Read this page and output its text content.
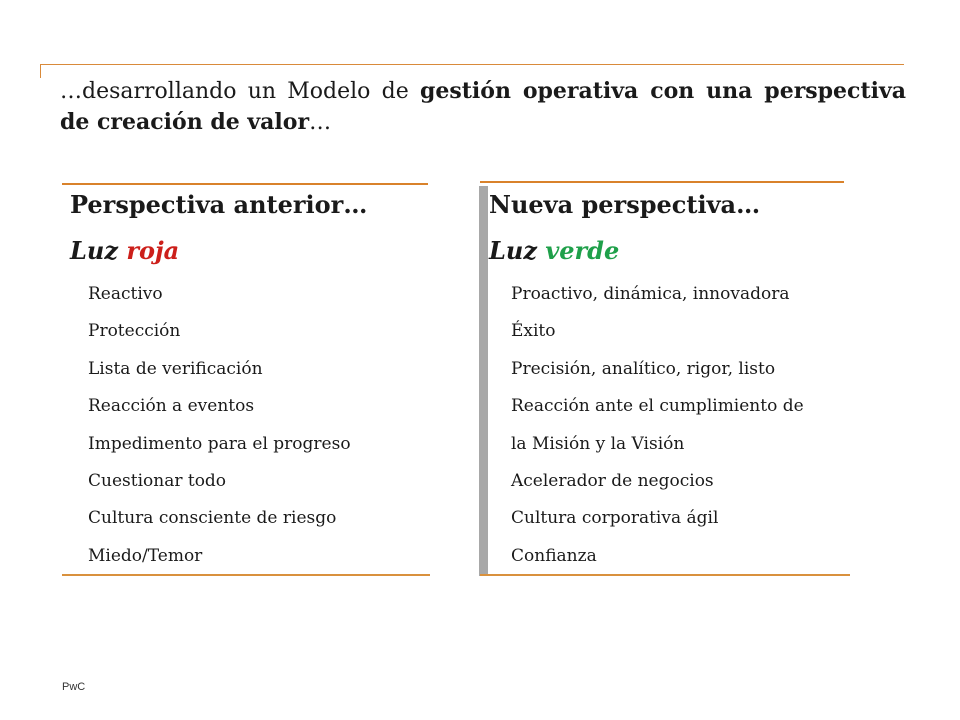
…desarrollando un Modelo de gestión operativa con una perspectiva de creación de valor…
Perspectiva anterior…
Luz roja
Reactivo
Protección
Lista de verificación
Reacción a eventos
Impedimento para el progreso
Cuestionar todo
Cultura consciente de riesgo
Miedo/Temor
Nueva perspectiva…
Luz verde
Proactivo, dinámica, innovadora
Éxito
Precisión, analítico, rigor, listo
Reacción ante el cumplimiento de
la Misión y la Visión
Acelerador de negocios
Cultura corporativa ágil
Confianza
PwC
